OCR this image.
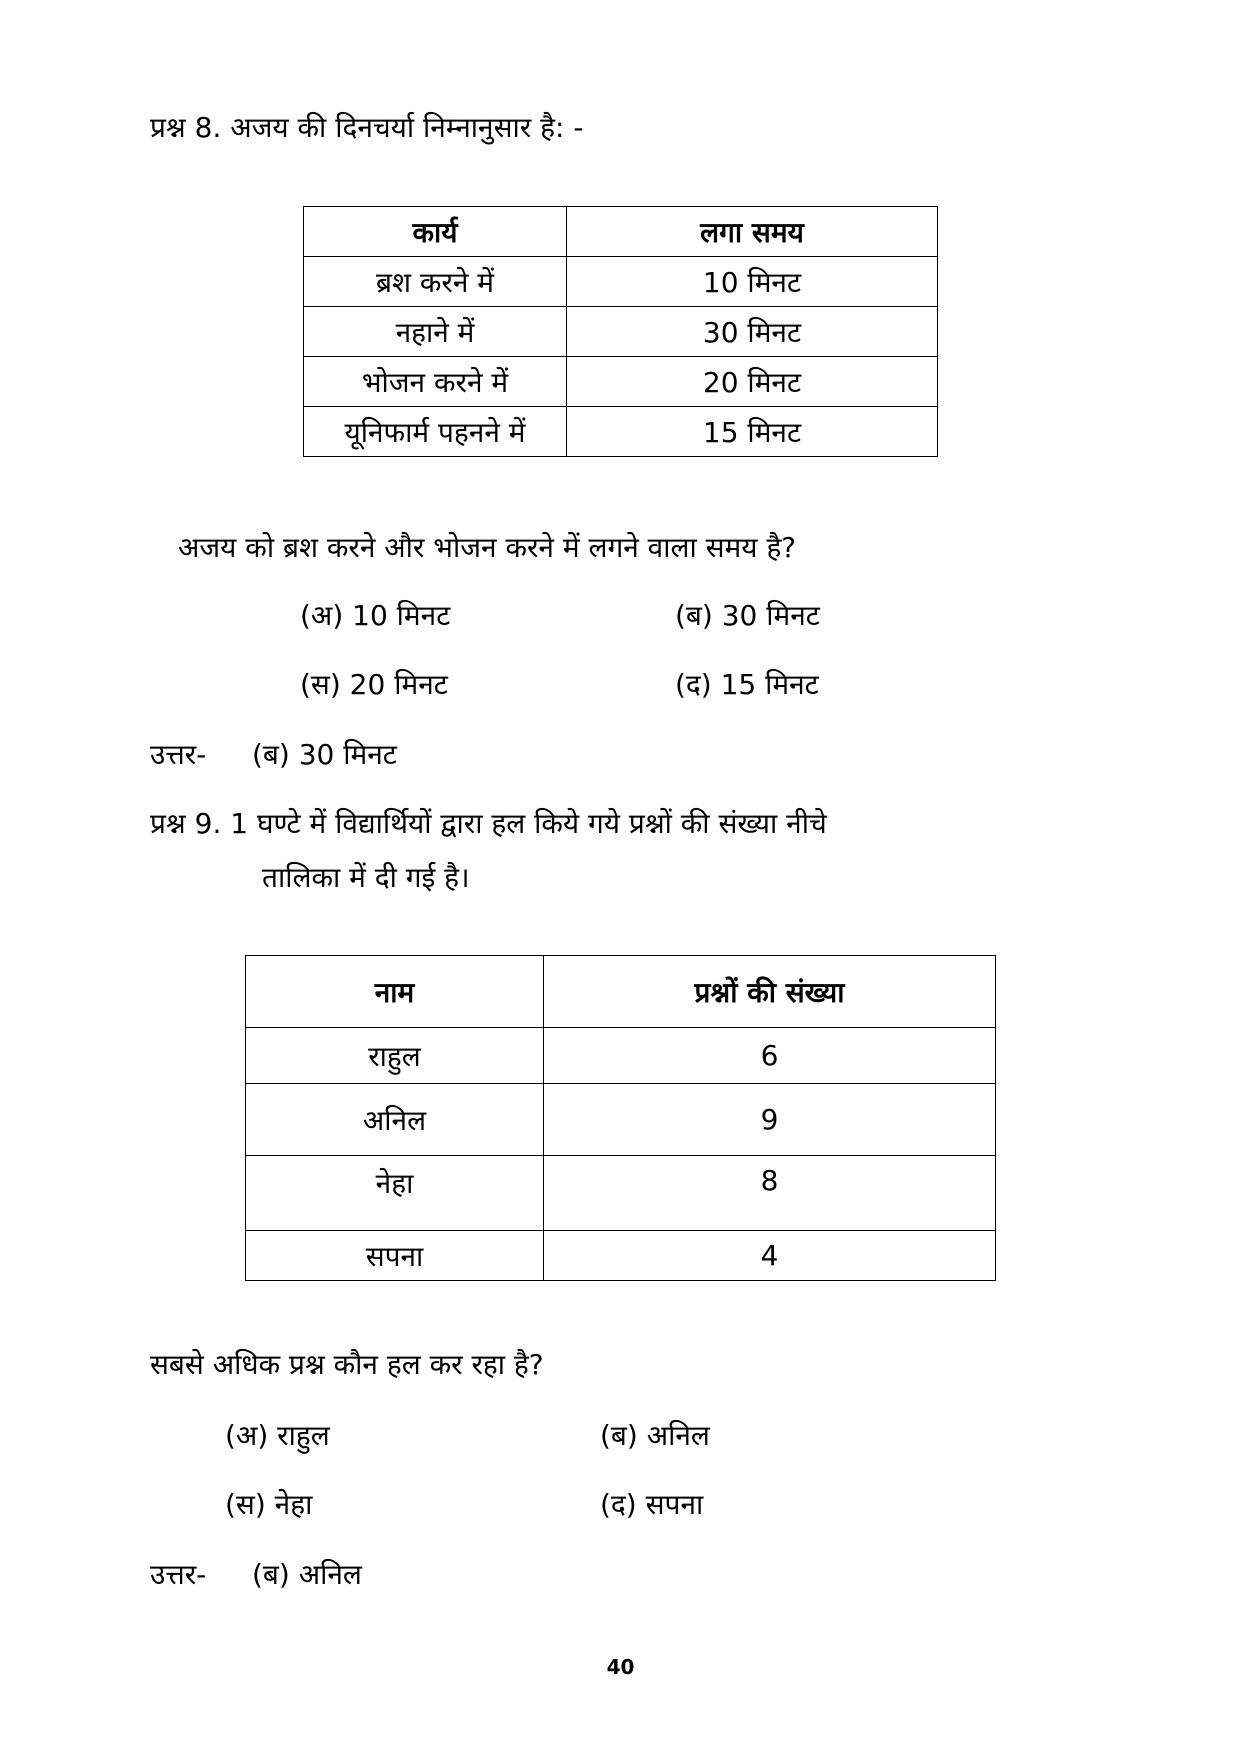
प्रश्न 8. अजय की दिनचर्या निम्नानुसार है: -
कार्य	लगा समय
ब्रश करने में	10 मिनट
नहाने में	30 मिनट
भोजन करने में	20 मिनट
यूनिफार्म पहनने में	15 मिनट
अजय को ब्रश करने और भोजन करने में लगने वाला समय है?
(अ) 10 मिनट	(ब) 30 मिनट
(स) 20 मिनट	(द) 15 मिनट
उत्तर- (ब) 30 मिनट
प्रश्न 9. 1 घण्टे में विद्यार्थियों द्वारा हल किये गये प्रश्नों की संख्या नीचे
तालिका में दी गई है।
नाम	प्रश्नों की संख्या
राहुल	6
अनिल	9
नेहा	8
सपना	4
सबसे अधिक प्रश्न कौन हल कर रहा है?
(अ) राहुल	(ब) अनिल
(स) नेहा	(द) सपना
उत्तर- (ब) अनिल
40
